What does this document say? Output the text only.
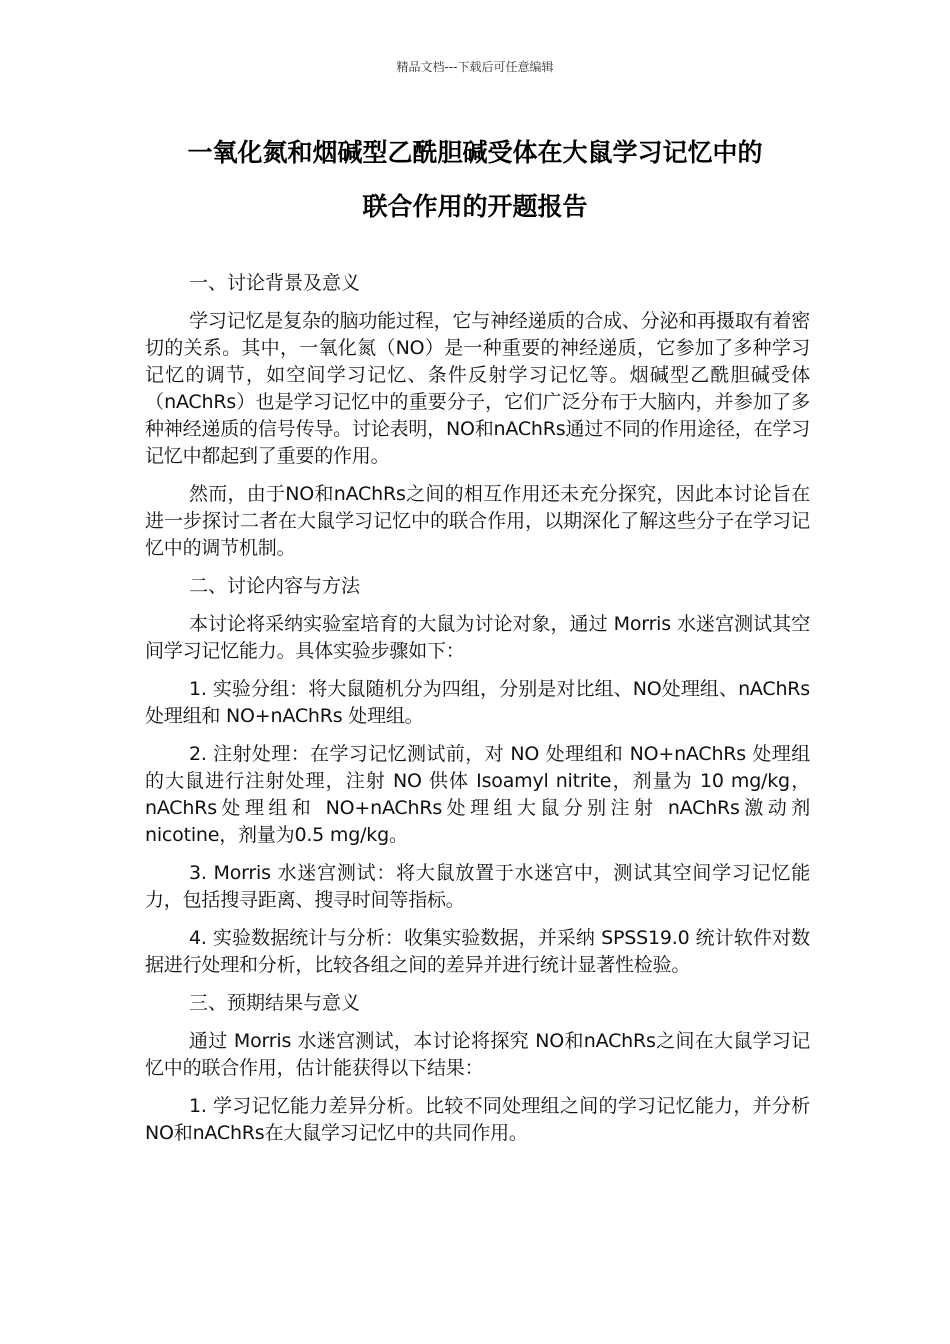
精品文档---下载后可任意编辑
一氧化氮和烟碱型乙酰胆碱受体在大鼠学习记忆中的
联合作用的开题报告

一、讨论背景及意义

学习记忆是复杂的脑功能过程，它与神经递质的合成、分泌和再摄取有着密切的关系。其中，一氧化氮（NO）是一种重要的神经递质，它参加了多种学习记忆的调节，如空间学习记忆、条件反射学习记忆等。烟碱型乙酰胆碱受体（nAChRs）也是学习记忆中的重要分子，它们广泛分布于大脑内，并参加了多种神经递质的信号传导。讨论表明，NO和nAChRs通过不同的作用途径，在学习记忆中都起到了重要的作用。

然而，由于NO和nAChRs之间的相互作用还未充分探究，因此本讨论旨在进一步探讨二者在大鼠学习记忆中的联合作用，以期深化了解这些分子在学习记忆中的调节机制。

二、讨论内容与方法

本讨论将采纳实验室培育的大鼠为讨论对象，通过 Morris 水迷宫测试其空间学习记忆能力。具体实验步骤如下：

1. 实验分组：将大鼠随机分为四组，分别是对比组、NO处理组、nAChRs处理组和 NO+nAChRs 处理组。

2. 注射处理：在学习记忆测试前，对 NO 处理组和 NO+nAChRs 处理组的大鼠进行注射处理，注射 NO 供体 Isoamyl nitrite，剂量为 10 mg/kg，nAChRs处理组和 NO+nAChRs处理组大鼠分别注射 nAChRs激动剂 nicotine，剂量为0.5 mg/kg。

3. Morris 水迷宫测试：将大鼠放置于水迷宫中，测试其空间学习记忆能力，包括搜寻距离、搜寻时间等指标。

4. 实验数据统计与分析：收集实验数据，并采纳 SPSS19.0 统计软件对数据进行处理和分析，比较各组之间的差异并进行统计显著性检验。

三、预期结果与意义

通过 Morris 水迷宫测试，本讨论将探究 NO和nAChRs之间在大鼠学习记忆中的联合作用，估计能获得以下结果：

1. 学习记忆能力差异分析。比较不同处理组之间的学习记忆能力，并分析 NO和nAChRs在大鼠学习记忆中的共同作用。
